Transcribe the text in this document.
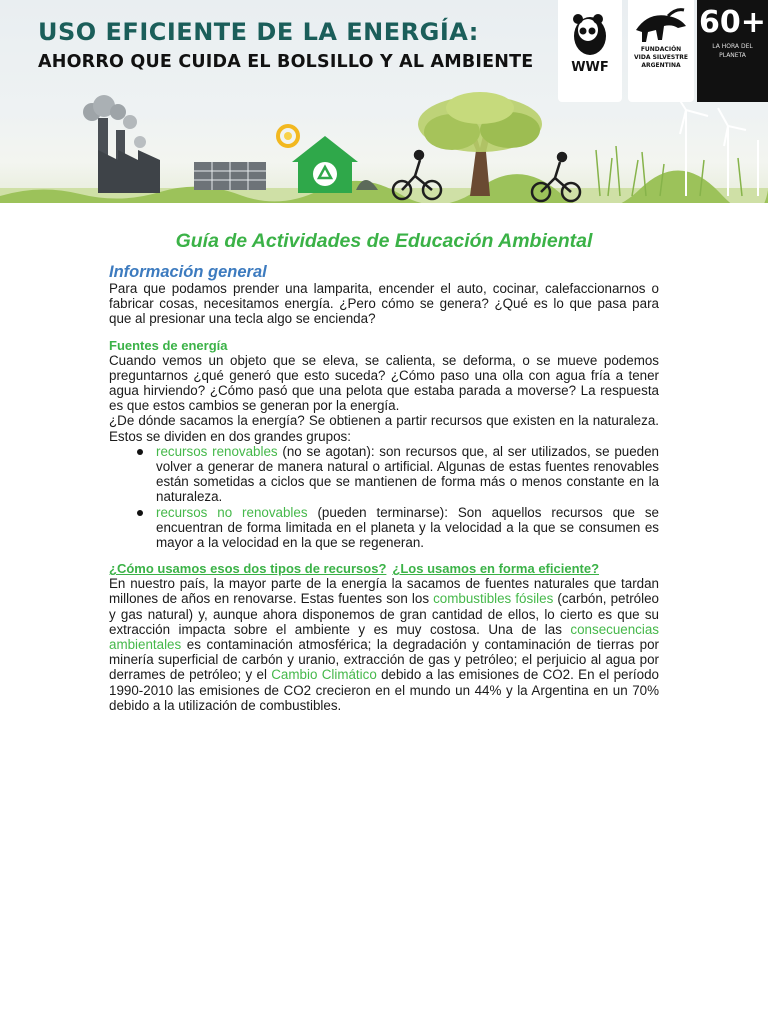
USO EFICIENTE DE LA ENERGÍA:
AHORRO QUE CUIDA EL BOLSILLO Y AL AMBIENTE	WWF
FUNDACIÓN VIDA SILVESTRE ARGENTINA
60+
LA HORA DEL PLANETA
Guía de Actividades de Educación Ambiental
Información general

Para que podamos prender una lamparita, encender el auto, cocinar, calefaccionarnos o fabricar cosas, necesitamos energía. ¿Pero cómo se genera? ¿Qué es lo que pasa para que al presionar una tecla algo se encienda?

Fuentes de energía

Cuando vemos un objeto que se eleva, se calienta, se deforma, o se mueve podemos preguntarnos ¿qué generó que esto suceda? ¿Cómo paso una olla con agua fría a tener agua hirviendo? ¿Cómo pasó que una pelota que estaba parada a moverse? La respuesta es que estos cambios se generan por la energía.

¿De dónde sacamos la energía? Se obtienen a partir recursos que existen en la naturaleza. Estos se dividen en dos grandes grupos:

recursos renovables (no se agotan): son recursos que, al ser utilizados, se pueden volver a generar de manera natural o artificial. Algunas de estas fuentes renovables están sometidas a ciclos que se mantienen de forma más o menos constante en la naturaleza.
recursos no renovables (pueden terminarse): Son aquellos recursos que se encuentran de forma limitada en el planeta y la velocidad a la que se consumen es mayor a la velocidad en la que se regeneran.
¿Cómo usamos esos dos tipos de recursos? ¿Los usamos en forma eficiente?

En nuestro país, la mayor parte de la energía la sacamos de fuentes naturales que tardan millones de años en renovarse. Estas fuentes son los combustibles fósiles (carbón, petróleo y gas natural) y, aunque ahora disponemos de gran cantidad de ellos, lo cierto es que su extracción impacta sobre el ambiente y es muy costosa. Una de las consecuencias ambientales es contaminación atmosférica; la degradación y contaminación de tierras por minería superficial de carbón y uranio, extracción de gas y petróleo; el perjuicio al agua por derrames de petróleo; y el Cambio Climático debido a las emisiones de CO2. En el período 1990-2010 las emisiones de CO2 crecieron en el mundo un 44% y la Argentina en un 70% debido a la utilización de combustibles.
